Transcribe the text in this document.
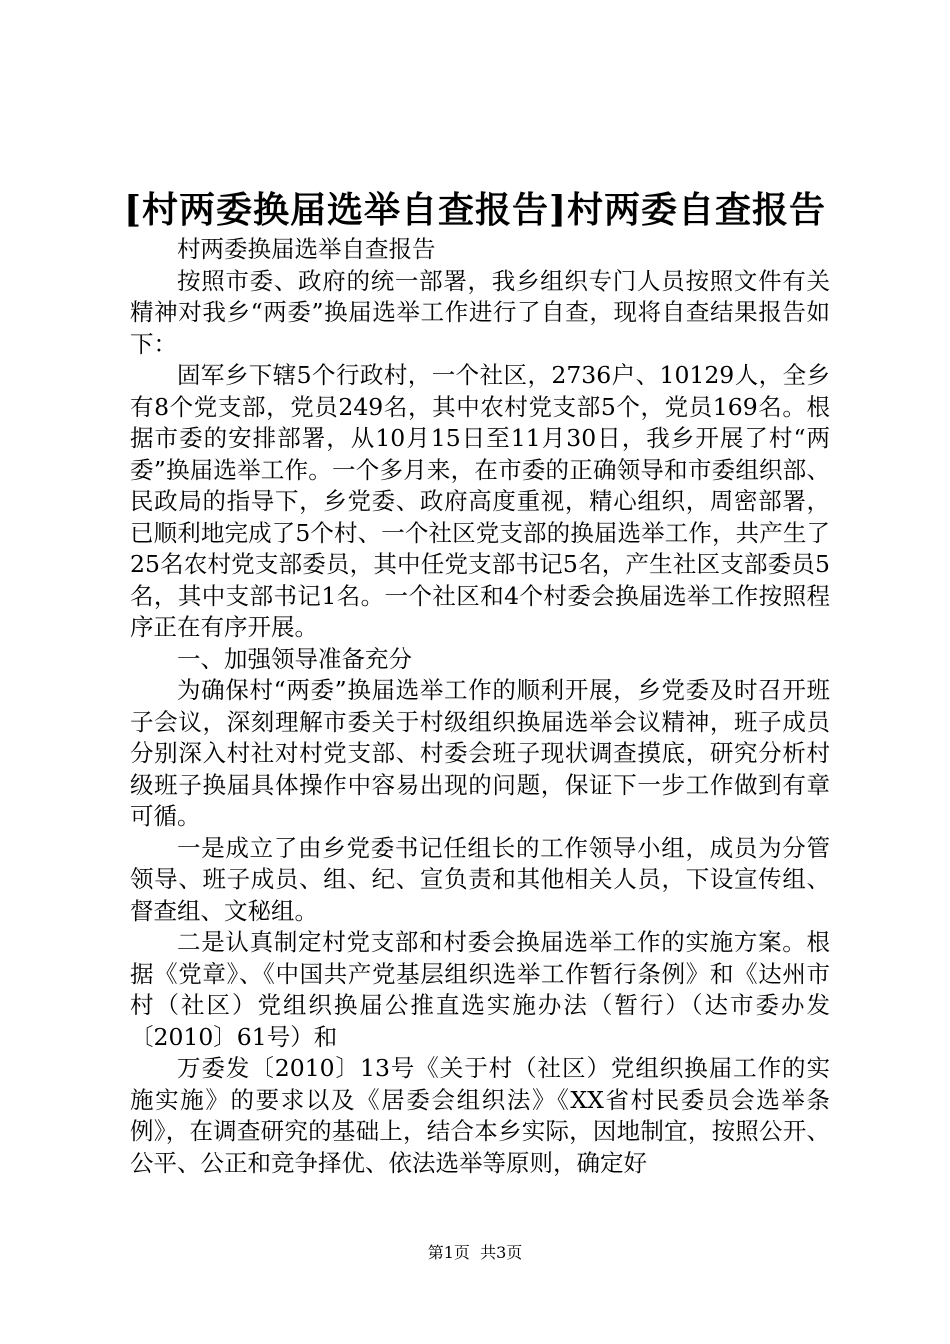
[村两委换届选举自查报告]村两委自查报告

村两委换届选举自查报告

按照市委、政府的统一部署，我乡组织专门人员按照文件有关精神对我乡“两委”换届选举工作进行了自查，现将自查结果报告如下：

固军乡下辖5个行政村，一个社区，2736户、10129人，全乡有8个党支部，党员249名，其中农村党支部5个，党员169名。根据市委的安排部署，从10月15日至11月30日，我乡开展了村“两委”换届选举工作。一个多月来，在市委的正确领导和市委组织部、民政局的指导下，乡党委、政府高度重视，精心组织，周密部署，已顺利地完成了5个村、一个社区党支部的换届选举工作，共产生了25名农村党支部委员，其中任党支部书记5名，产生社区支部委员5名，其中支部书记1名。一个社区和4个村委会换届选举工作按照程序正在有序开展。

一、加强领导准备充分

为确保村“两委”换届选举工作的顺利开展，乡党委及时召开班子会议，深刻理解市委关于村级组织换届选举会议精神，班子成员分别深入村社对村党支部、村委会班子现状调查摸底，研究分析村级班子换届具体操作中容易出现的问题，保证下一步工作做到有章可循。

一是成立了由乡党委书记任组长的工作领导小组，成员为分管领导、班子成员、组、纪、宣负责和其他相关人员，下设宣传组、督查组、文秘组。

二是认真制定村党支部和村委会换届选举工作的实施方案。根据《党章》、《中国共产党基层组织选举工作暂行条例》和《达州市村（社区）党组织换届公推直选实施办法（暂行）（达市委办发〔2010〕61号）和

万委发〔2010〕13号《关于村（社区）党组织换届工作的实施实施》的要求以及《居委会组织法》《XX省村民委员会选举条例》，在调查研究的基础上，结合本乡实际，因地制宜，按照公开、公平、公正和竞争择优、依法选举等原则，确定好

第1页  共3页
